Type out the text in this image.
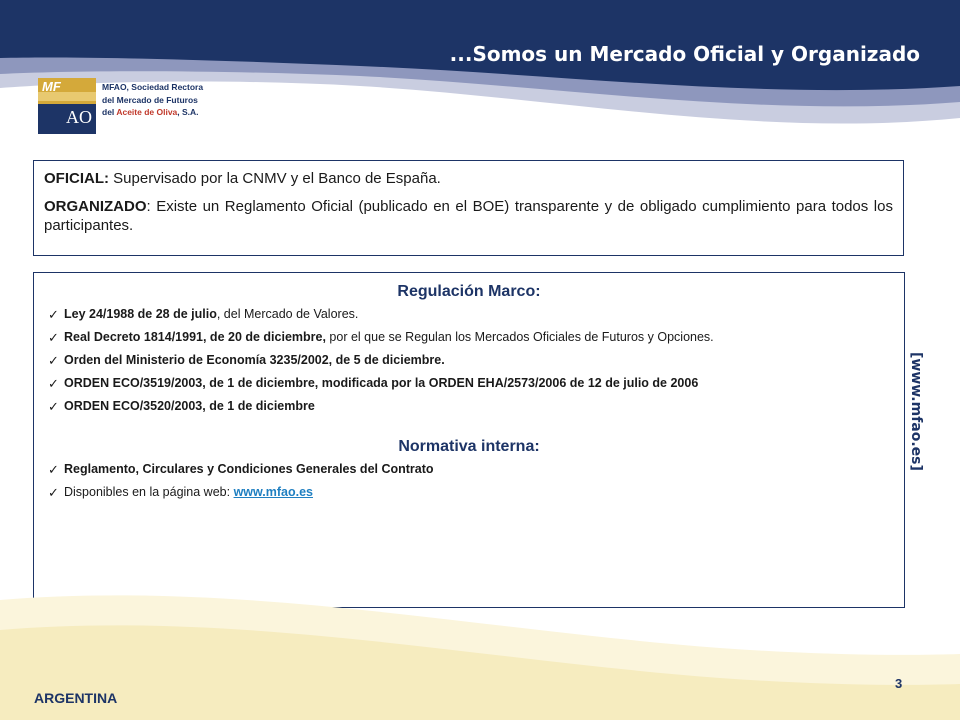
...Somos un Mercado Oficial y Organizado
MF
AO
MFAO, Sociedad Rectora
del Mercado de Futuros
del Aceite de Oliva, S.A.

OFICIAL: Supervisado por la CNMV y el Banco de España.

ORGANIZADO: Existe un Reglamento Oficial (publicado en el BOE) transparente y de obligado cumplimiento para todos los participantes.

Regulación Marco:
✓ Ley 24/1988 de 28 de julio, del Mercado de Valores.
✓ Real Decreto 1814/1991, de 20 de diciembre, por el que se Regulan los Mercados Oficiales de Futuros y Opciones.
✓ Orden del Ministerio de Economía 3235/2002, de 5 de diciembre.
✓ ORDEN ECO/3519/2003, de 1 de diciembre, modificada por la ORDEN EHA/2573/2006 de 12 de julio de 2006
✓ ORDEN ECO/3520/2003, de 1 de diciembre
Normativa interna:
✓ Reglamento, Circulares y Condiciones Generales del Contrato
✓ Disponibles en la página web: www.mfao.es
[www.mfao.es]
3
ARGENTINA
